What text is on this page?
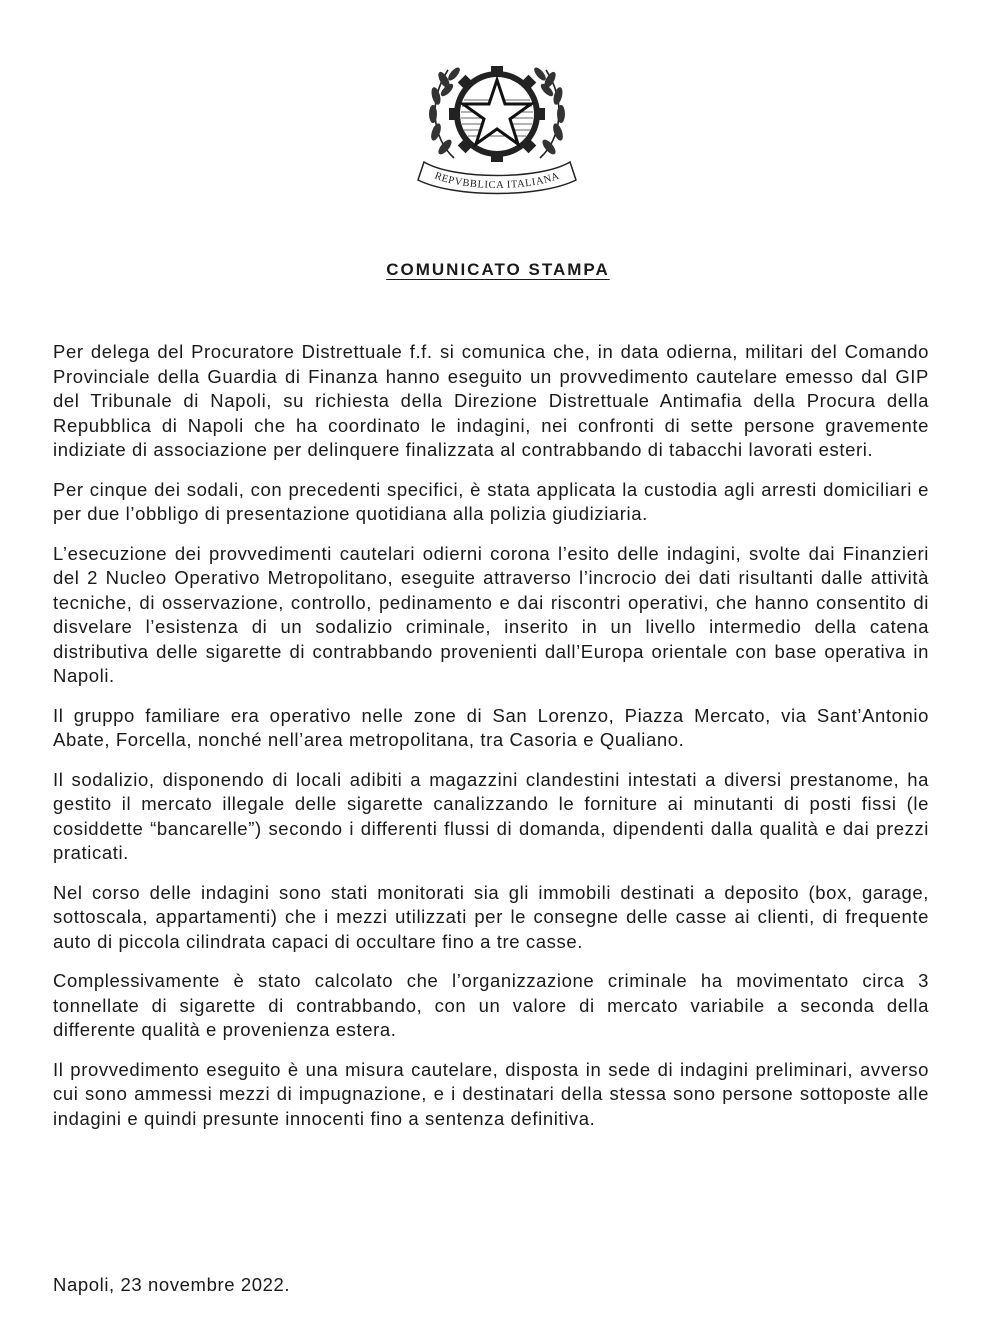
REPVBBLICA ITALIANA
COMUNICATO STAMPA

Per delega del Procuratore Distrettuale f.f. si comunica che, in data odierna, militari del Comando Provinciale della Guardia di Finanza hanno eseguito un provvedimento cautelare emesso dal GIP del Tribunale di Napoli, su richiesta della Direzione Distrettuale Antimafia della Procura della Repubblica di Napoli che ha coordinato le indagini, nei confronti di sette persone gravemente indiziate di associazione per delinquere finalizzata al contrabbando di tabacchi lavorati esteri.

Per cinque dei sodali, con precedenti specifici, è stata applicata la custodia agli arresti domiciliari e per due l’obbligo di presentazione quotidiana alla polizia giudiziaria.

L’esecuzione dei provvedimenti cautelari odierni corona l’esito delle indagini, svolte dai Finanzieri del 2 Nucleo Operativo Metropolitano, eseguite attraverso l’incrocio dei dati risultanti dalle attività tecniche, di osservazione, controllo, pedinamento e dai riscontri operativi, che hanno consentito di disvelare l’esistenza di un sodalizio criminale, inserito in un livello intermedio della catena distributiva delle sigarette di contrabbando provenienti dall’Europa orientale con base operativa in Napoli.

Il gruppo familiare era operativo nelle zone di San Lorenzo, Piazza Mercato, via Sant’Antonio Abate, Forcella, nonché nell’area metropolitana, tra Casoria e Qualiano.

Il sodalizio, disponendo di locali adibiti a magazzini clandestini intestati a diversi prestanome, ha gestito il mercato illegale delle sigarette canalizzando le forniture ai minutanti di posti fissi (le cosiddette “bancarelle”) secondo i differenti flussi di domanda, dipendenti dalla qualità e dai prezzi praticati.

Nel corso delle indagini sono stati monitorati sia gli immobili destinati a deposito (box, garage, sottoscala, appartamenti) che i mezzi utilizzati per le consegne delle casse ai clienti, di frequente auto di piccola cilindrata capaci di occultare fino a tre casse.

Complessivamente è stato calcolato che l’organizzazione criminale ha movimentato circa 3 tonnellate di sigarette di contrabbando, con un valore di mercato variabile a seconda della differente qualità e provenienza estera.

Il provvedimento eseguito è una misura cautelare, disposta in sede di indagini preliminari, avverso cui sono ammessi mezzi di impugnazione, e i destinatari della stessa sono persone sottoposte alle indagini e quindi presunte innocenti fino a sentenza definitiva.

Napoli, 23 novembre 2022.
